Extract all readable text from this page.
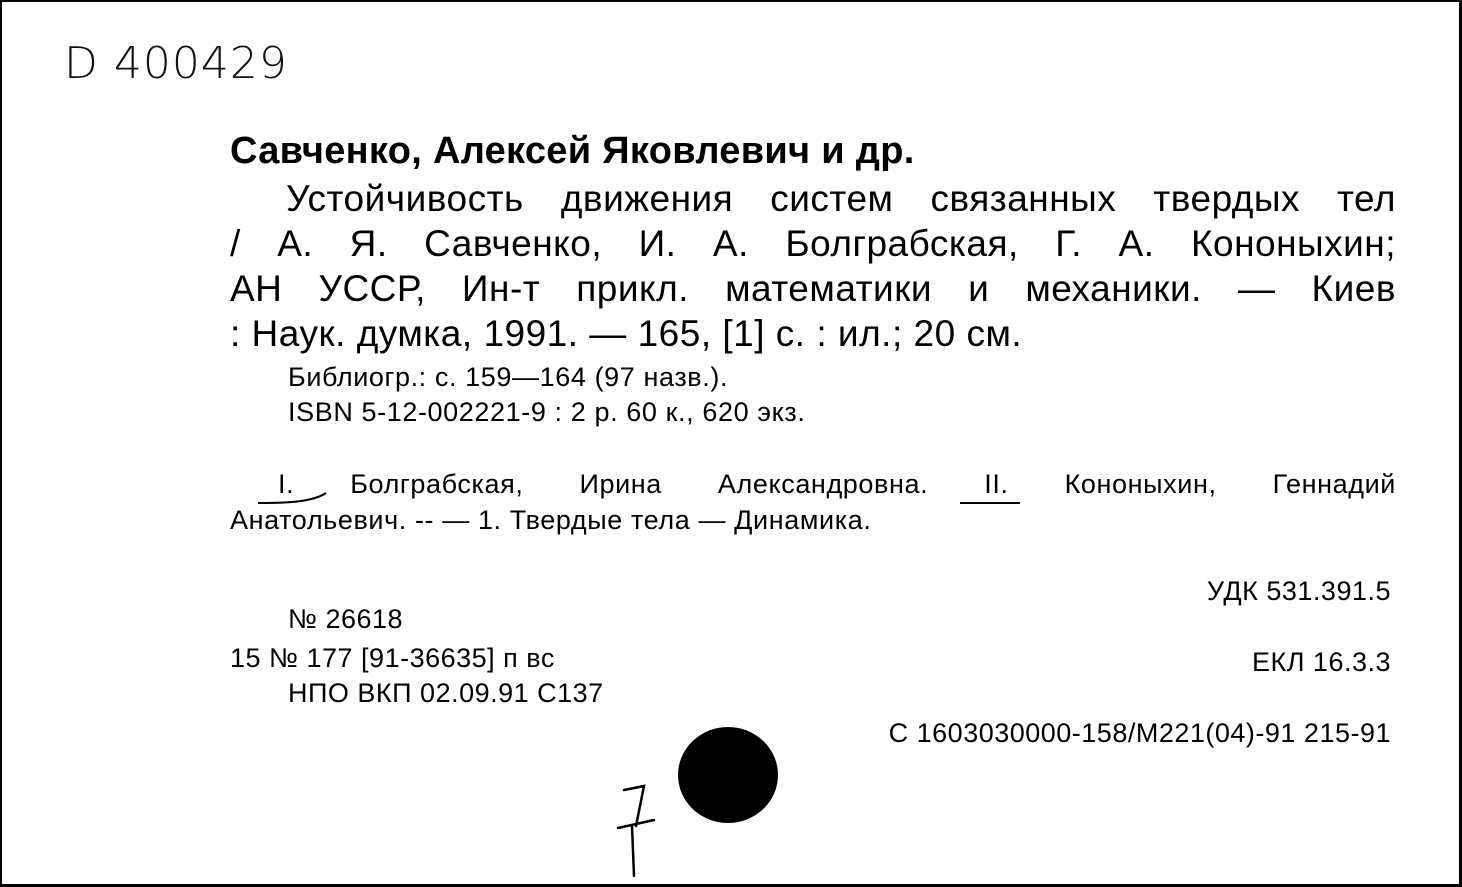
D 400429
Савченко, Алексей Яковлевич и др.
Устойчивость движения систем связанных твердых тел
/ А. Я. Савченко, И. А. Болграбская, Г. А. Кононыхин;
АН УССР, Ин-т прикл. математики и механики. — Киев
: Наук. думка, 1991. — 165, [1] с. : ил.; 20 см.
Библиогр.: с. 159—164 (97 назв.).
ISBN 5-12-002221-9 : 2 р. 60 к., 620 экз.
I. Болграбская, Ирина Александровна. II. Кононыхин, Геннадий
Анатольевич. -- — 1. Твердые тела — Динамика.
УДК 531.391.5
ЕКЛ 16.3.3
С 1603030000-158/М221(04)-91 215-91
№ 26618
15 № 177 [91-36635] п вс
НПО ВКП 02.09.91 С137
